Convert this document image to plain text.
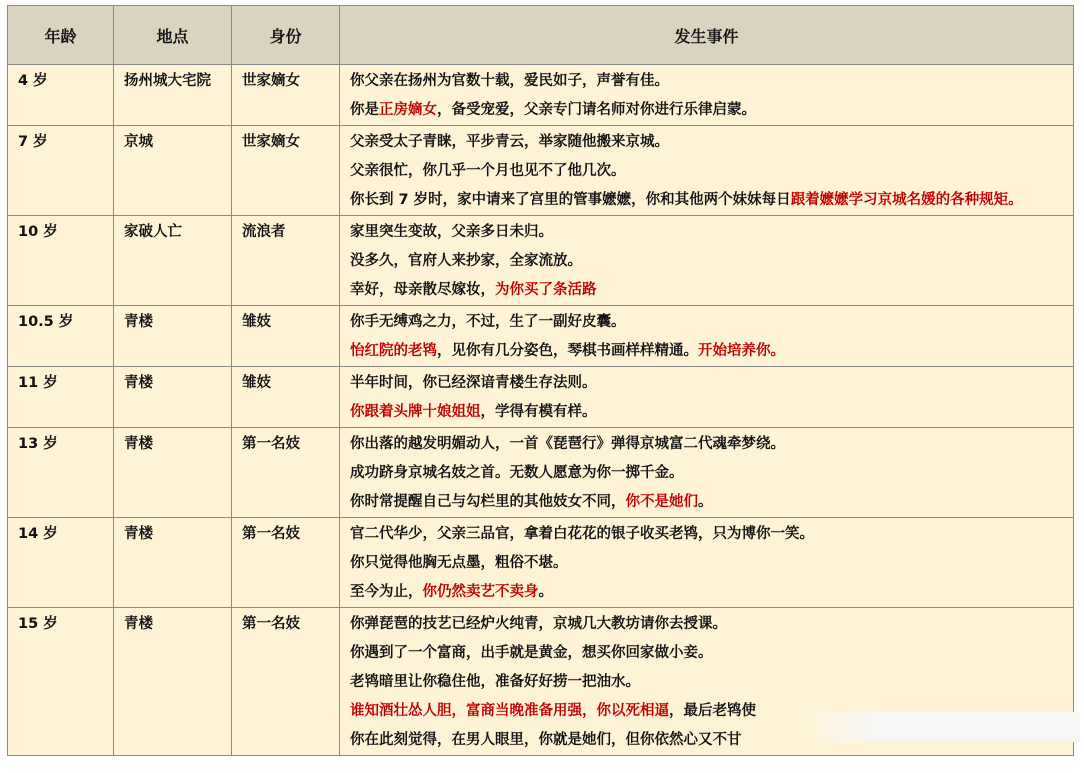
年龄	地点	身份	发生事件
4 岁	扬州城大宅院	世家嫡女	你父亲在扬州为官数十载，爱民如子，声誉有佳。
你是正房嫡女，备受宠爱，父亲专门请名师对你进行乐律启蒙。

7 岁	京城	世家嫡女	父亲受太子青睐，平步青云，举家随他搬来京城。
父亲很忙，你几乎一个月也见不了他几次。
你长到 7 岁时，家中请来了宫里的管事嬷嬷，你和其他两个妹妹每日跟着嬷嬷学习京城名媛的各种规矩。

10 岁	家破人亡	流浪者	家里突生变故，父亲多日未归。
没多久，官府人来抄家，全家流放。
幸好，母亲散尽嫁妆，为你买了条活路

10.5 岁	青楼	雏妓	你手无缚鸡之力，不过，生了一副好皮囊。
怡红院的老鸨，见你有几分姿色，琴棋书画样样精通。开始培养你。

11 岁	青楼	雏妓	半年时间，你已经深谙青楼生存法则。
你跟着头牌十娘姐姐，学得有模有样。

13 岁	青楼	第一名妓	你出落的越发明媚动人，一首《琵琶行》弹得京城富二代魂牵梦绕。
成功跻身京城名妓之首。无数人愿意为你一掷千金。
你时常提醒自己与勾栏里的其他妓女不同，你不是她们。

14 岁	青楼	第一名妓	官二代华少，父亲三品官，拿着白花花的银子收买老鸨，只为博你一笑。
你只觉得他胸无点墨，粗俗不堪。
至今为止，你仍然卖艺不卖身。

15 岁	青楼	第一名妓	你弹琵琶的技艺已经炉火纯青，京城几大教坊请你去授课。
你遇到了一个富商，出手就是黄金，想买你回家做小妾。
老鸨暗里让你稳住他，准备好好捞一把油水。
谁知酒壮怂人胆，富商当晚准备用强，你以死相逼，最后老鸨使
你在此刻觉得，在男人眼里，你就是她们，但你依然心又不甘
